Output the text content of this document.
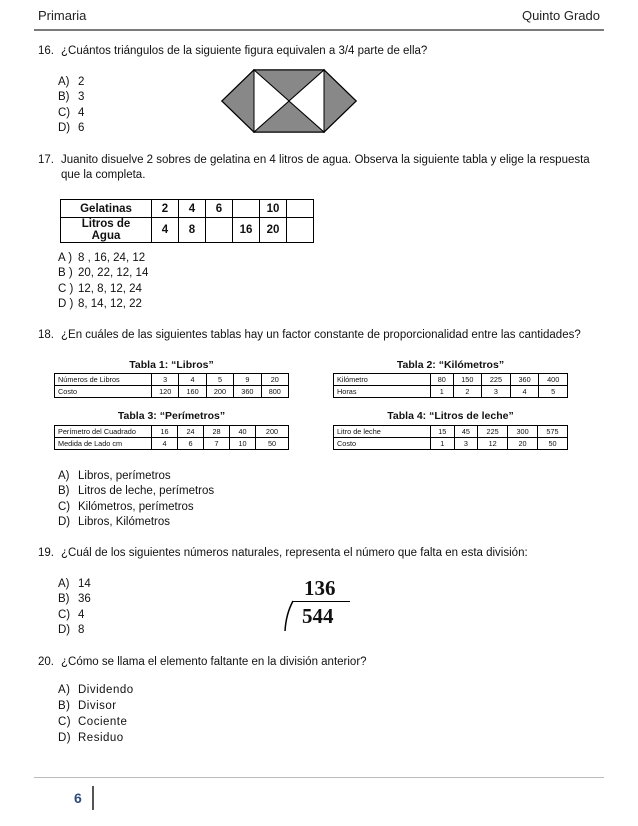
Primaria	Quinto Grado
16. ¿Cuántos triángulos de la siguiente figura equivalen a 3/4 parte de ella?
A) 2
B) 3
C) 4
D) 6
17. Juanito disuelve 2 sobres de gelatina en 4 litros de agua. Observa la siguiente tabla y elige la respuesta
que la completa.
Gelatinas	2	4	6		10	
Litros de Agua	4	8		16	20	
A ) 8 , 16, 24, 12
B ) 20, 22, 12, 14
C ) 12, 8, 12, 24
D ) 8, 14, 12, 22
18. ¿En cuáles de las siguientes tablas hay un factor constante de proporcionalidad entre las cantidades?
Tabla 1: “Libros”
Números de Libros	3	4	5	9	20
Costo	120	160	200	360	800
Tabla 2: “Kilómetros”
Kilómetro	80	150	225	360	400
Horas	1	2	3	4	5
Tabla 3: “Perímetros”
Perímetro del Cuadrado	16	24	28	40	200
Medida de Lado cm	4	6	7	10	50
Tabla 4: “Litros de leche”
Litro de leche	15	45	225	300	575
Costo	1	3	12	20	50
A) Libros, perímetros
B) Litros de leche, perímetros
C) Kilómetros, perímetros
D) Libros, Kilómetros
19. ¿Cuál de los siguientes números naturales, representa el número que falta en esta división:
A) 14
B) 36
C) 4
D) 8
136
544
20. ¿Cómo se llama el elemento faltante en la división anterior?
A) Dividendo
B) Divisor
C) Cociente
D) Residuo
6
